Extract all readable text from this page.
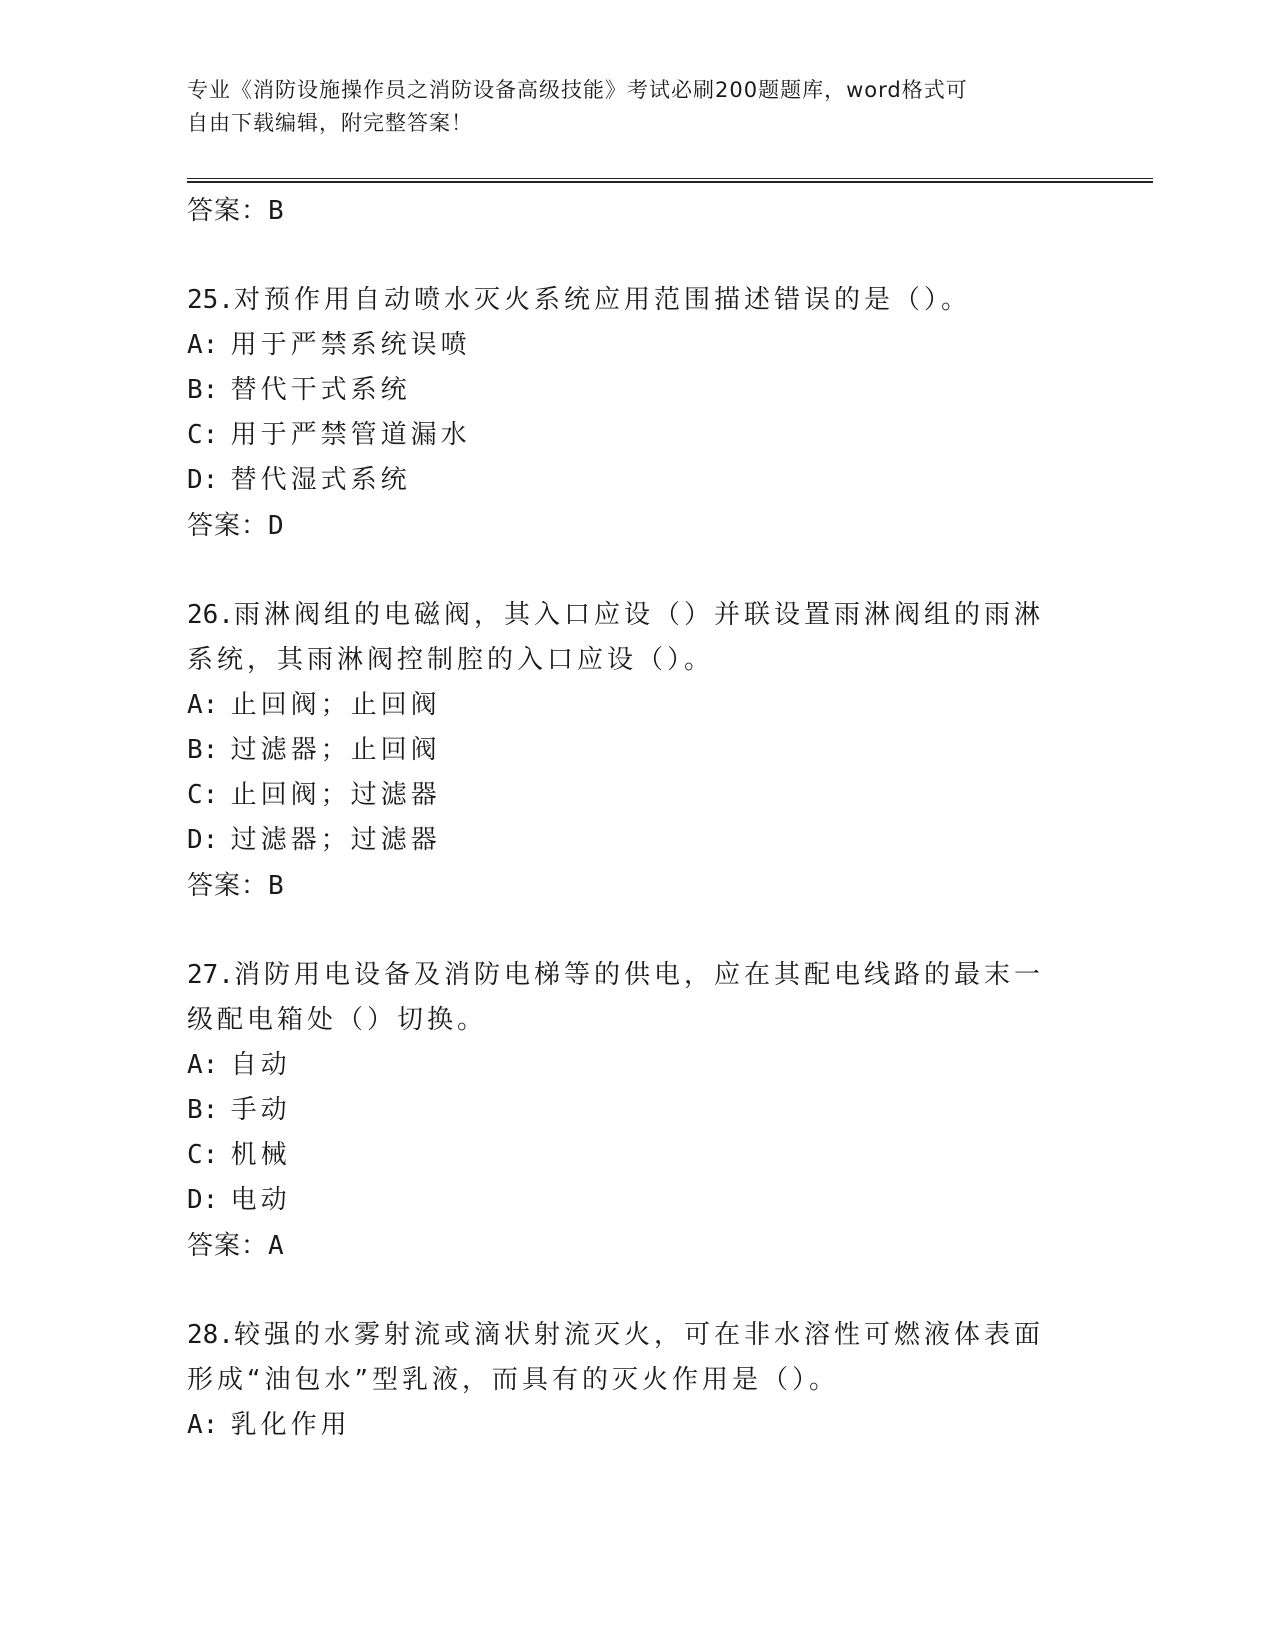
专业《消防设施操作员之消防设备高级技能》考试必刷200题题库，word格式可
自由下载编辑，附完整答案！
答案：B
25.对预作用自动喷水灭火系统应用范围描述错误的是（）。
A: 用于严禁系统误喷
B: 替代干式系统
C: 用于严禁管道漏水
D: 替代湿式系统
答案：D
26.雨淋阀组的电磁阀，其入口应设（）并联设置雨淋阀组的雨淋系统，其雨淋阀控制腔的入口应设（）。
A: 止回阀；止回阀
B: 过滤器；止回阀
C: 止回阀；过滤器
D: 过滤器；过滤器
答案：B
27.消防用电设备及消防电梯等的供电，应在其配电线路的最末一级配电箱处（）切换。
A: 自动
B: 手动
C: 机械
D: 电动
答案：A
28.较强的水雾射流或滴状射流灭火，可在非水溶性可燃液体表面形成“油包水”型乳液，而具有的灭火作用是（）。
A: 乳化作用
